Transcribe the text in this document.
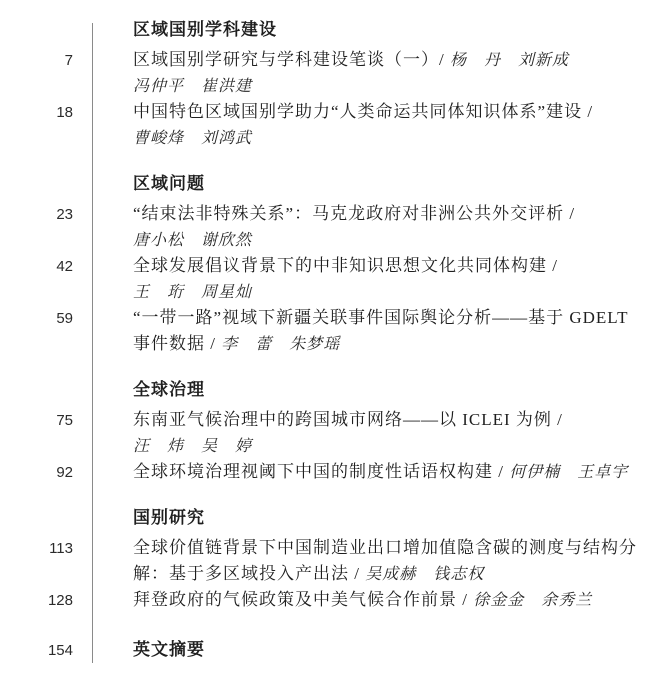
区域国别学科建设
7	区域国别学研究与学科建设笔谈（一）/ 杨　丹　刘新成
冯仲平　崔洪建
18	中国特色区域国别学助力“人类命运共同体知识体系”建设 /
曹峻烽　刘鸿武
区域问题
23	“结束法非特殊关系”：马克龙政府对非洲公共外交评析 /
唐小松　谢欣然
42	全球发展倡议背景下的中非知识思想文化共同体构建 /
王　珩　周星灿
59	“一带一路”视域下新疆关联事件国际舆论分析——基于 GDELT
事件数据 / 李　蕾　朱梦瑶
全球治理
75	东南亚气候治理中的跨国城市网络——以 ICLEI 为例 /
汪　炜　吴　婷
92	全球环境治理视阈下中国的制度性话语权构建 / 何伊楠　王卓宇
国别研究
113	全球价值链背景下中国制造业出口增加值隐含碳的测度与结构分
解：基于多区域投入产出法 / 吴成赫　钱志权
128	拜登政府的气候政策及中美气候合作前景 / 徐金金　余秀兰
154	英文摘要
